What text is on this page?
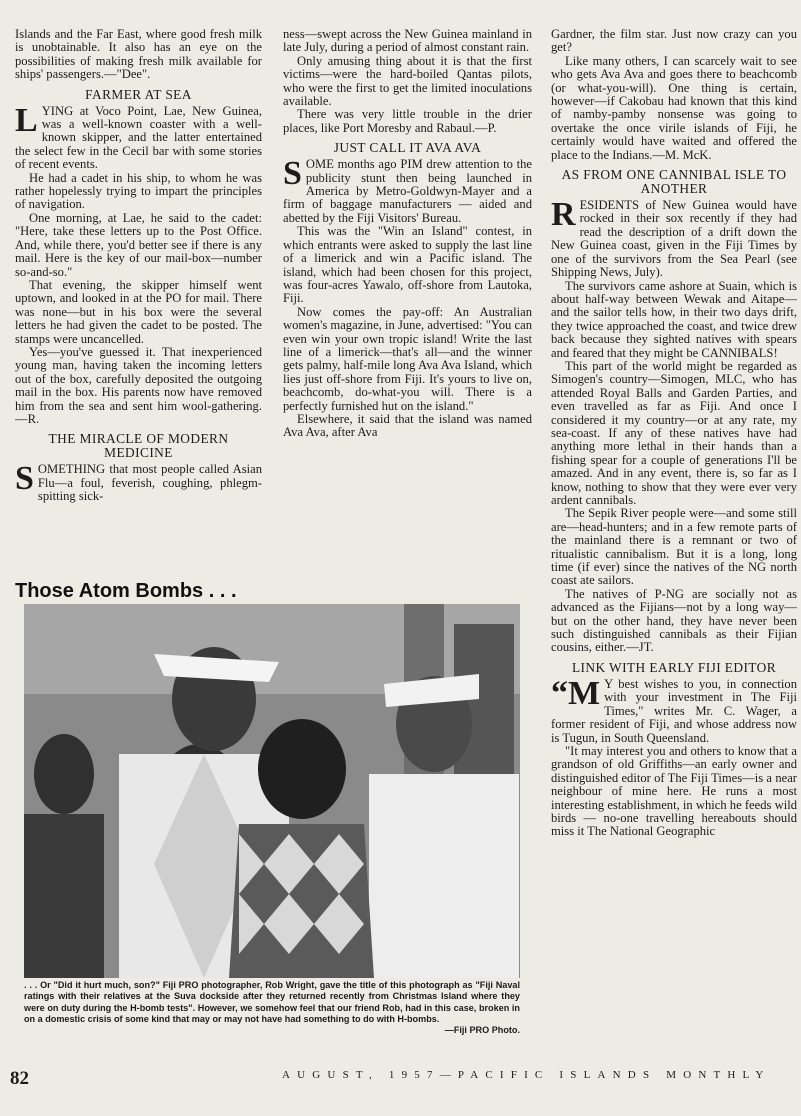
Islands and the Far East, where good fresh milk is unobtainable. It also has an eye on the possibilities of making fresh milk available for ships' passengers.—"Dee".

FARMER AT SEA

LYING at Voco Point, Lae, New Guinea, was a well-known coaster with a well-known skipper, and the latter entertained the select few in the Cecil bar with some stories of recent events.

He had a cadet in his ship, to whom he was rather hopelessly trying to impart the principles of navigation.

One morning, at Lae, he said to the cadet: "Here, take these letters up to the Post Office. And, while there, you'd better see if there is any mail. Here is the key of our mail-box—number so-and-so."

That evening, the skipper himself went uptown, and looked in at the PO for mail. There was none—but in his box were the several letters he had given the cadet to be posted. The stamps were uncancelled.

Yes—you've guessed it. That inexperienced young man, having taken the incoming letters out of the box, carefully deposited the outgoing mail in the box. His parents now have removed him from the sea and sent him wool-gathering.—R.

THE MIRACLE OF MODERN MEDICINE

SOMETHING that most people called Asian Flu—a foul, feverish, coughing, phlegm-spitting sick-

ness—swept across the New Guinea mainland in late July, during a period of almost constant rain.

Only amusing thing about it is that the first victims—were the hard-boiled Qantas pilots, who were the first to get the limited inoculations available.

There was very little trouble in the drier places, like Port Moresby and Rabaul.—P.

JUST CALL IT AVA AVA

SOME months ago PIM drew attention to the publicity stunt then being launched in America by Metro-Goldwyn-Mayer and a firm of baggage manufacturers — aided and abetted by the Fiji Visitors' Bureau.

This was the "Win an Island" contest, in which entrants were asked to supply the last line of a limerick and win a Pacific island. The island, which had been chosen for this project, was four-acres Yawalo, off-shore from Lautoka, Fiji.

Now comes the pay-off: An Australian women's magazine, in June, advertised: "You can even win your own tropic island! Write the last line of a limerick—that's all—and the winner gets palmy, half-mile long Ava Ava Island, which lies just off-shore from Fiji. It's yours to live on, beachcomb, do-what-you will. There is a perfectly furnished hut on the island."

Elsewhere, it said that the island was named Ava Ava, after Ava

Gardner, the film star. Just now crazy can you get?

Like many others, I can scarcely wait to see who gets Ava Ava and goes there to beachcomb (or what-you-will). One thing is certain, however—if Cakobau had known that this kind of namby-pamby nonsense was going to overtake the once virile islands of Fiji, he certainly would have waited and offered the place to the Indians.—M. McK.

AS FROM ONE CANNIBAL ISLE TO ANOTHER

RESIDENTS of New Guinea would have rocked in their sox recently if they had read the description of a drift down the New Guinea coast, given in the Fiji Times by one of the survivors from the Sea Pearl (see Shipping News, July).

The survivors came ashore at Suain, which is about half-way between Wewak and Aitape—and the sailor tells how, in their two days drift, they twice approached the coast, and twice drew back because they sighted natives with spears and feared that they might be CANNIBALS!

This part of the world might be regarded as Simogen's country—Simogen, MLC, who has attended Royal Balls and Garden Parties, and even travelled as far as Fiji. And once I considered it my country—or at any rate, my sea-coast. If any of these natives have had anything more lethal in their hands than a fishing spear for a couple of generations I'll be amazed. And in any event, there is, so far as I know, nothing to show that they were ever very ardent cannibals.

The Sepik River people were—and some still are—head-hunters; and in a few remote parts of the mainland there is a remnant or two of ritualistic cannibalism. But it is a long, long time (if ever) since the natives of the NG north coast ate sailors.

The natives of P-NG are socially not as advanced as the Fijians—not by a long way—but on the other hand, they have never been such distinguished cannibals as their Fijian cousins, either.—JT.

LINK WITH EARLY FIJI EDITOR

“M Y best wishes to you, in connection with your investment in The Fiji Times," writes Mr. C. Wager, a former resident of Fiji, and whose address now is Tugun, in South Queensland.

"It may interest you and others to know that a grandson of old Griffiths—an early owner and distinguished editor of The Fiji Times—is a near neighbour of mine here. He runs a most interesting establishment, in which he feeds wild birds — no-one travelling hereabouts should miss it The National Geographic

Those Atom Bombs . . .
. . . Or "Did it hurt much, son?" Fiji PRO photographer, Rob Wright, gave the title of this photograph as "Fiji Naval ratings with their relatives at the Suva dockside after they returned recently from Christmas Island where they were on duty during the H-bomb tests". However, we somehow feel that our friend Rob, had in this case, broken in on a domestic crisis of some kind that may or may not have had something to do with H-bombs.
—Fiji PRO Photo.
82	AUGUST, 1957—PACIFIC ISLANDS MONTHLY
